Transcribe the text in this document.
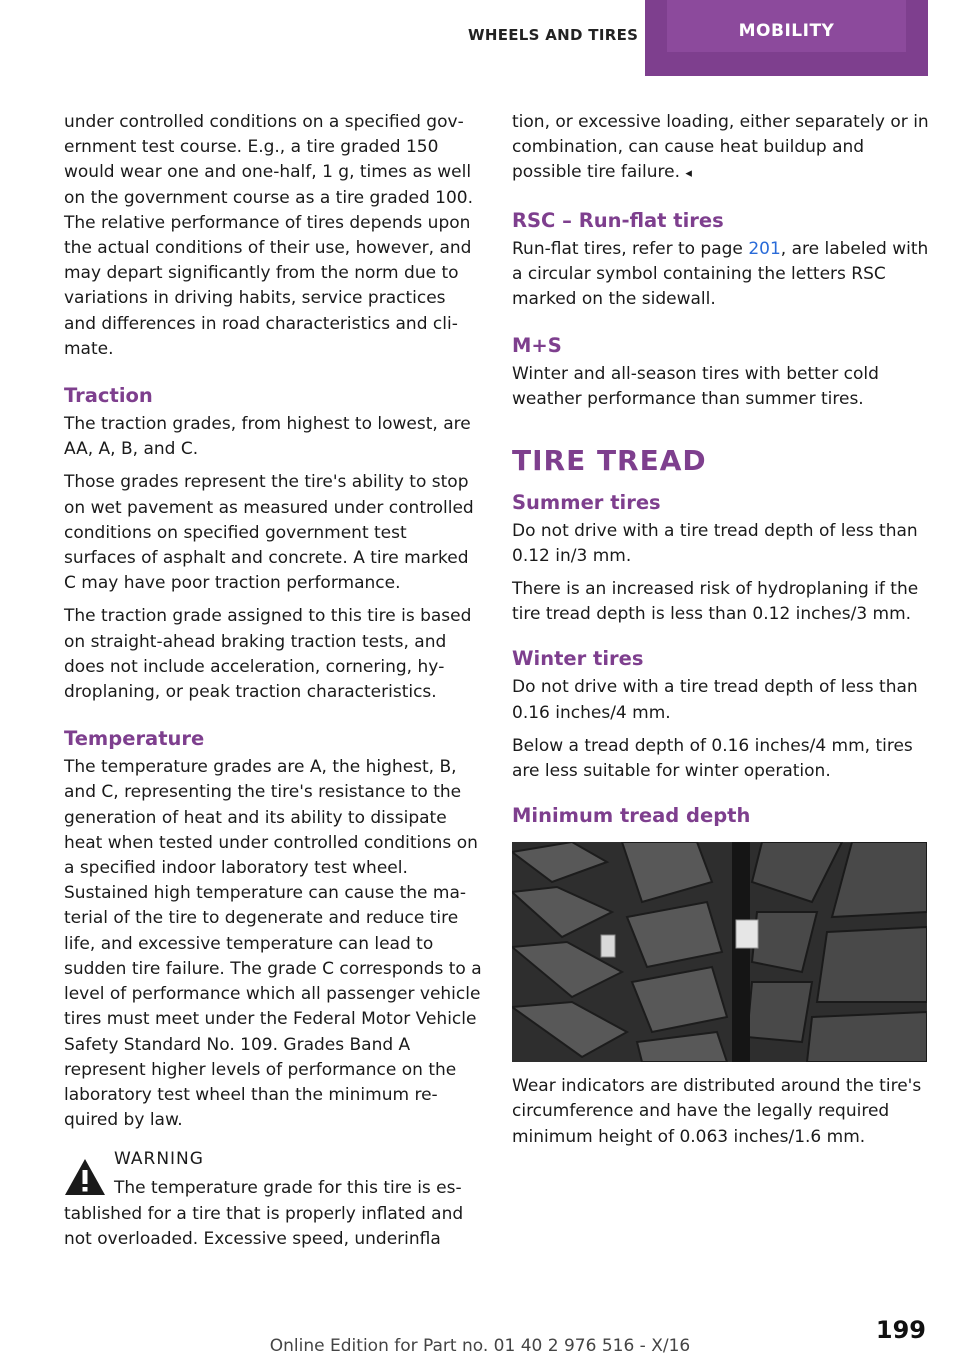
WHEELS AND TIRES	MOBILITY

under controlled conditions on a specified government test course. E.g., a tire graded 150 would wear one and one-half, 1 g, times as well on the government course as a tire graded 100. The relative performance of tires depends upon the actual conditions of their use, however, and may depart significantly from the norm due to variations in driving habits, service practices and differences in road characteristics and climate.

Traction

The traction grades, from highest to lowest, are AA, A, B, and C.

Those grades represent the tire's ability to stop on wet pavement as measured under controlled conditions on specified government test surfaces of asphalt and concrete. A tire marked C may have poor traction performance.

The traction grade assigned to this tire is based on straight-ahead braking traction tests, and does not include acceleration, cornering, hydroplaning, or peak traction characteristics.

Temperature

The temperature grades are A, the highest, B, and C, representing the tire's resistance to the generation of heat and its ability to dissipate heat when tested under controlled conditions on a specified indoor laboratory test wheel. Sustained high temperature can cause the material of the tire to degenerate and reduce tire life, and excessive temperature can lead to sudden tire failure. The grade C corresponds to a level of performance which all passenger vehicle tires must meet under the Federal Motor Vehicle Safety Standard No. 109. Grades Band A represent higher levels of performance on the laboratory test wheel than the minimum required by law.

WARNING

The temperature grade for this tire is established for a tire that is properly inflated and not overloaded. Excessive speed, underinfla

tion, or excessive loading, either separately or in combination, can cause heat buildup and possible tire failure. ◂

RSC – Run-flat tires

Run-flat tires, refer to page 201, are labeled with a circular symbol containing the letters RSC marked on the sidewall.

M+S

Winter and all-season tires with better cold weather performance than summer tires.

TIRE TREAD
Summer tires

Do not drive with a tire tread depth of less than 0.12 in/3 mm.

There is an increased risk of hydroplaning if the tire tread depth is less than 0.12 inches/3 mm.

Winter tires

Do not drive with a tire tread depth of less than 0.16 inches/4 mm.

Below a tread depth of 0.16 inches/4 mm, tires are less suitable for winter operation.

Minimum tread depth

Wear indicators are distributed around the tire's circumference and have the legally required minimum height of 0.063 inches/1.6 mm.

199
Online Edition for Part no. 01 40 2 976 516 - X/16
